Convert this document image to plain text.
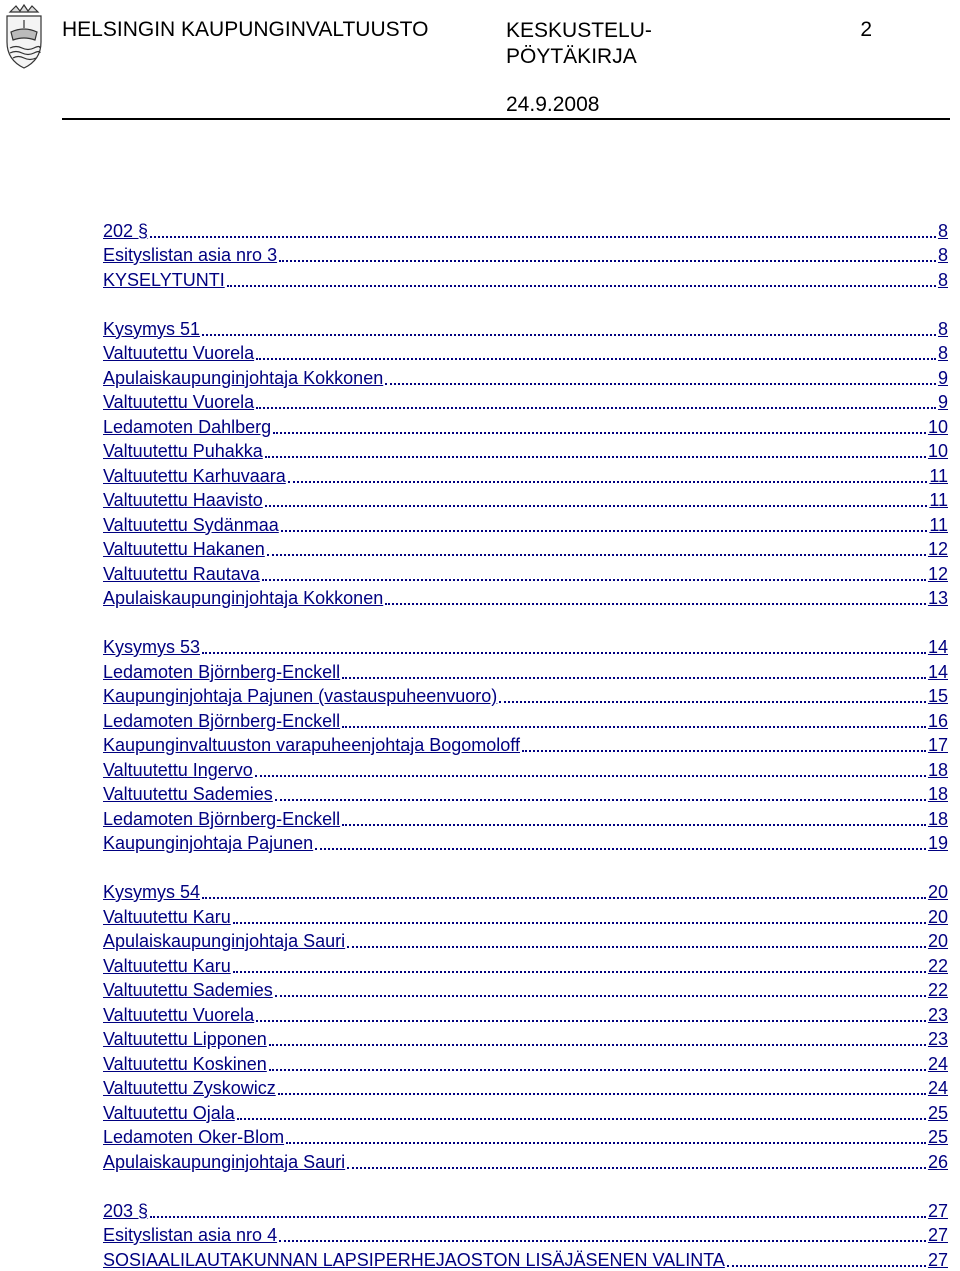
HELSINGIN KAUPUNGINVALTUUSTO	KESKUSTELU-
PÖYTÄKIRJA
2
24.9.2008
202 §	8
Esityslistan asia nro 3	8
KYSELYTUNTI	8
Kysymys 51	8
Valtuutettu Vuorela	8
Apulaiskaupunginjohtaja Kokkonen	9
Valtuutettu Vuorela	9
Ledamoten Dahlberg	10
Valtuutettu Puhakka	10
Valtuutettu Karhuvaara	11
Valtuutettu Haavisto	11
Valtuutettu Sydänmaa	11
Valtuutettu Hakanen	12
Valtuutettu Rautava	12
Apulaiskaupunginjohtaja Kokkonen	13
Kysymys 53	14
Ledamoten Björnberg-Enckell	14
Kaupunginjohtaja Pajunen (vastauspuheenvuoro)	15
Ledamoten Björnberg-Enckell	16
Kaupunginvaltuuston varapuheenjohtaja Bogomoloff	17
Valtuutettu Ingervo	18
Valtuutettu Sademies	18
Ledamoten Björnberg-Enckell	18
Kaupunginjohtaja Pajunen	19
Kysymys 54	20
Valtuutettu Karu	20
Apulaiskaupunginjohtaja Sauri	20
Valtuutettu Karu	22
Valtuutettu Sademies	22
Valtuutettu Vuorela	23
Valtuutettu Lipponen	23
Valtuutettu Koskinen	24
Valtuutettu Zyskowicz	24
Valtuutettu Ojala	25
Ledamoten Oker-Blom	25
Apulaiskaupunginjohtaja Sauri	26
203 §	27
Esityslistan asia nro 4	27
SOSIAALILAUTAKUNNAN LAPSIPERHEJAOSTON LISÄJÄSENEN VALINTA	27
